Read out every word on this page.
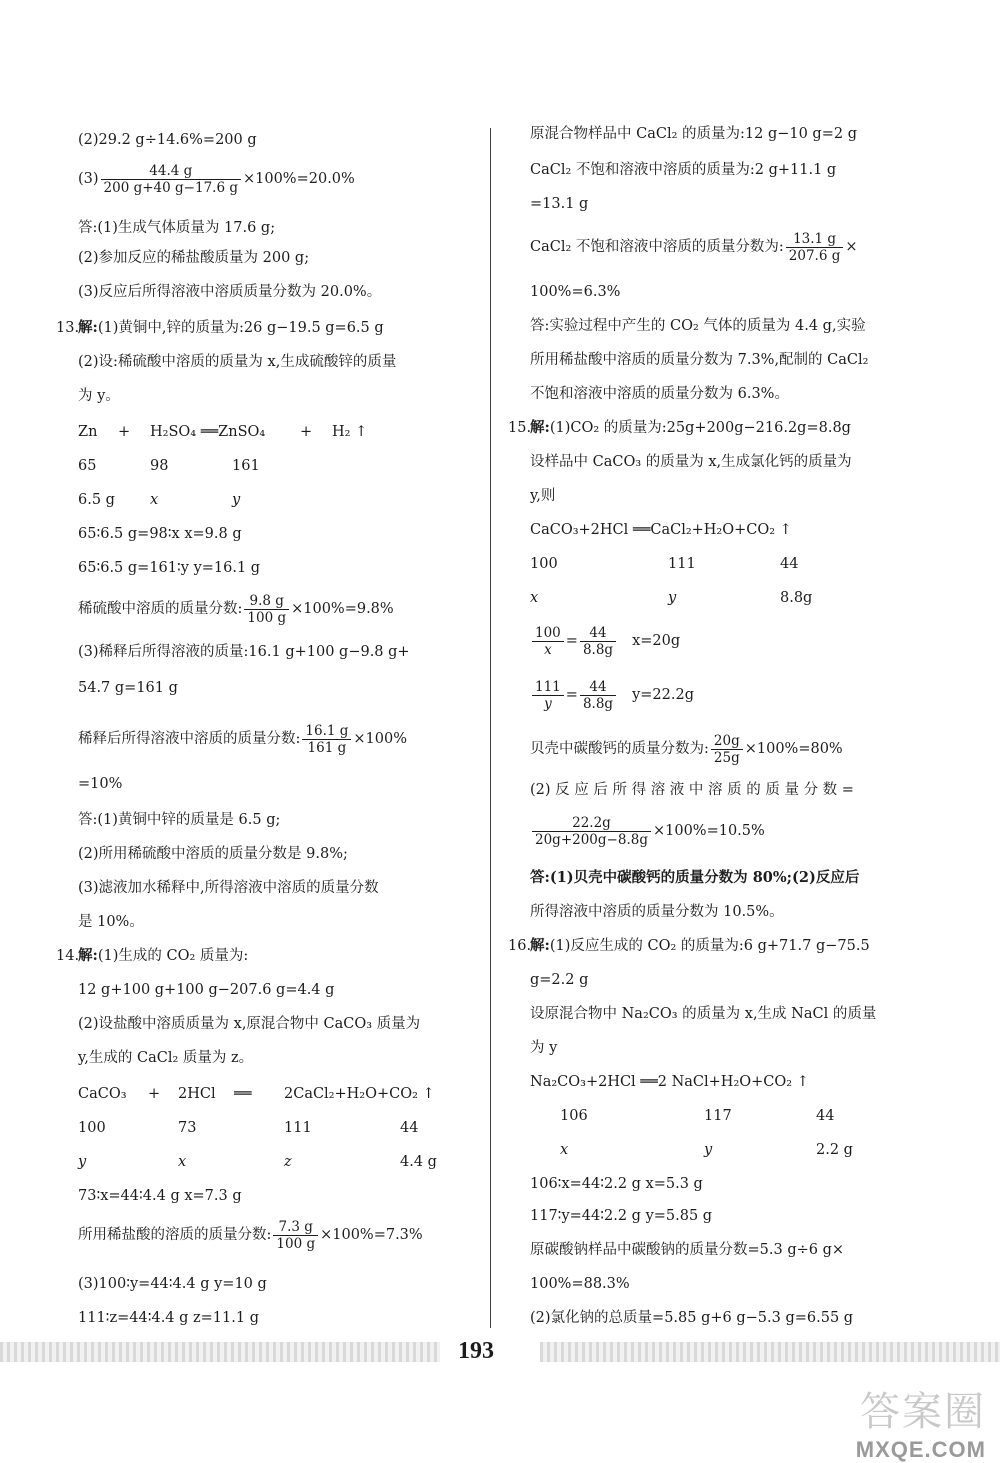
(2)29.2 g÷14.6%=200 g
$(3) \frac{44.4 g}{200 g+40 g-17.6 g} \times 100\%=20.0\%$
答:(1)生成气体质量为 17.6 g;
(2)参加反应的稀盐酸质量为 200 g;
(3)反应后所得溶液中溶质质量分数为 20.0%。
13.解:(1)黄铜中,锌的质量为:26 g−19.5 g=6.5 g
(2)设:稀硫酸中溶质的质量为 x,生成硫酸锌的质量
为 y。
Zn + H₂SO₄ ══ZnSO₄ + H₂ ↑
65	98	161
6.5 g x	y
65∶6.5 g=98∶x x=9.8 g
65∶6.5 g=161∶y y=16.1 g
稀硫酸中溶质的质量分数: $\frac{9.8 g}{100 g} \times 100\%=9.8\%$
(3)稀释后所得溶液的质量:16.1 g+100 g−9.8 g+
54.7 g=161 g
稀释后所得溶液中溶质的质量分数: $\frac{16.1 g}{161 g} \times 100\%$
=10%
答:(1)黄铜中锌的质量是 6.5 g;
(2)所用稀硫酸中溶质的质量分数是 9.8%;
(3)滤液加水稀释中,所得溶液中溶质的质量分数
是 10%。
14.解:(1)生成的 CO₂ 质量为:
12 g+100 g+100 g−207.6 g=4.4 g
(2)设盐酸中溶质质量为 x,原混合物中 CaCO₃ 质量为
y,生成的 CaCl₂ 质量为 z。
CaCO₃ + 2HCl ══ 2CaCl₂+H₂O+CO₂ ↑
100	73	111	44
y	x	z	4.4 g
73∶x=44∶4.4 g x=7.3 g
所用稀盐酸的溶质的质量分数: $\frac{7.3 g}{100 g} \times 100\%=7.3\%$
(3)100∶y=44∶4.4 g y=10 g
111∶z=44∶4.4 g z=11.1 g
原混合物样品中 CaCl₂ 的质量为:12 g−10 g=2 g
CaCl₂ 不饱和溶液中溶质的质量为:2 g+11.1 g
=13.1 g
CaCl₂ 不饱和溶液中溶质的质量分数为: $\frac{13.1 g}{207.6 g}$ ×
100%=6.3%
答:实验过程中产生的 CO₂ 气体的质量为 4.4 g,实验
所用稀盐酸中溶质的质量分数为 7.3%,配制的 CaCl₂
不饱和溶液中溶质的质量分数为 6.3%。
15.解:(1)CO₂ 的质量为:25g+200g−216.2g=8.8g
设样品中 CaCO₃ 的质量为 x,生成氯化钙的质量为
y,则
CaCO₃+2HCl ══CaCl₂+H₂O+CO₂ ↑
100	111	44
x	y	8.8g
$\frac{100}{x} = \frac{44}{8.8g} x=20g$
$\frac{111}{y} = \frac{44}{8.8g} y=22.2g$
贝壳中碳酸钙的质量分数为: $\frac{20g}{25g} \times 100\%=80\%$
(2) 反 应 后 所 得 溶 液 中 溶 质 的 质 量 分 数 =
$\frac{22.2g}{20g+200g-8.8g} \times 100\%=10.5\%$
答:(1)贝壳中碳酸钙的质量分数为 80%;(2)反应后
所得溶液中溶质的质量分数为 10.5%。
16.解:(1)反应生成的 CO₂ 的质量为:6 g+71.7 g−75.5
g=2.2 g
设原混合物中 Na₂CO₃ 的质量为 x,生成 NaCl 的质量
为 y
Na₂CO₃+2HCl ══2 NaCl+H₂O+CO₂ ↑
106	117	44
x	y	2.2 g
106∶x=44∶2.2 g x=5.3 g
117∶y=44∶2.2 g y=5.85 g
原碳酸钠样品中碳酸钠的质量分数=5.3 g÷6 g×
100%=88.3%
(2)氯化钠的总质量=5.85 g+6 g−5.3 g=6.55 g
193
答案圈
MXQE.COM
